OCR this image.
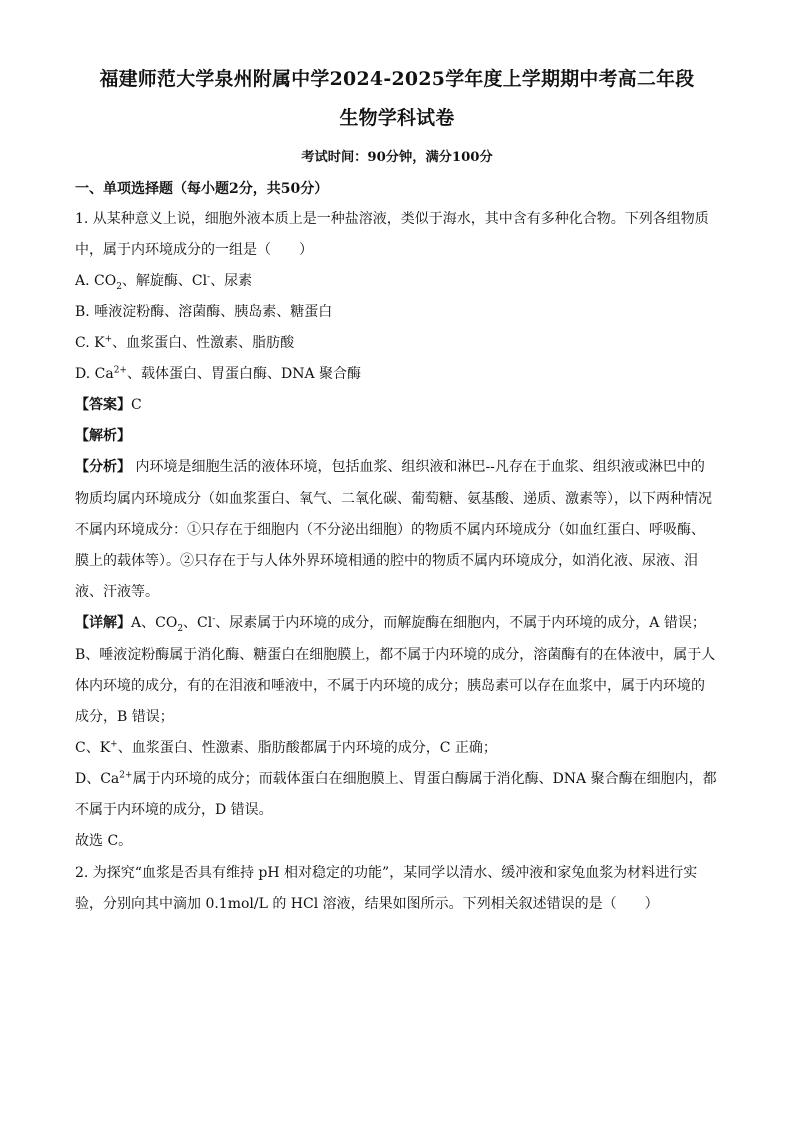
福建师范大学泉州附属中学2024-2025学年度上学期期中考高二年段
生物学科试卷
考试时间：90分钟，满分100分
一、单项选择题（每小题2分，共50分）
1. 从某种意义上说，细胞外液本质上是一种盐溶液，类似于海水，其中含有多种化合物。下列各组物质
中，属于内环境成分的一组是（　　）
A. $CO_2$、解旋酶、Cl-、尿素
B. 唾液淀粉酶、溶菌酶、胰岛素、糖蛋白
C. K+、血浆蛋白、性激素、脂肪酸
D. $Ca^{2+}$、载体蛋白、胃蛋白酶、DNA 聚合酶
【答案】C
【解析】
【分析】 内环境是细胞生活的液体环境，包括血浆、组织液和淋巴--凡存在于血浆、组织液或淋巴中的
物质均属内环境成分（如血浆蛋白、氧气、二氧化碳、葡萄糖、氨基酸、递质、激素等），以下两种情况
不属内环境成分：①只存在于细胞内（不分泌出细胞）的物质不属内环境成分（如血红蛋白、呼吸酶、
膜上的载体等）。②只存在于与人体外界环境相通的腔中的物质不属内环境成分，如消化液、尿液、泪
液、汗液等。
【详解】A、$CO_2$、Cl-、尿素属于内环境的成分，而解旋酶在细胞内，不属于内环境的成分，A 错误；
B、唾液淀粉酶属于消化酶、糖蛋白在细胞膜上，都不属于内环境的成分，溶菌酶有的在体液中，属于人
体内环境的成分，有的在泪液和唾液中，不属于内环境的成分；胰岛素可以存在血浆中，属于内环境的
成分，B 错误；
C、K+、血浆蛋白、性激素、脂肪酸都属于内环境的成分，C 正确；
D、$Ca^{2+}$属于内环境的成分；而载体蛋白在细胞膜上、胃蛋白酶属于消化酶、DNA 聚合酶在细胞内，都
不属于内环境的成分，D 错误。
故选 C。
2. 为探究“血浆是否具有维持 pH 相对稳定的功能”，某同学以清水、缓冲液和家兔血浆为材料进行实
验，分别向其中滴加 0.1mol/L 的 HCl 溶液，结果如图所示。下列相关叙述错误的是（　　）
